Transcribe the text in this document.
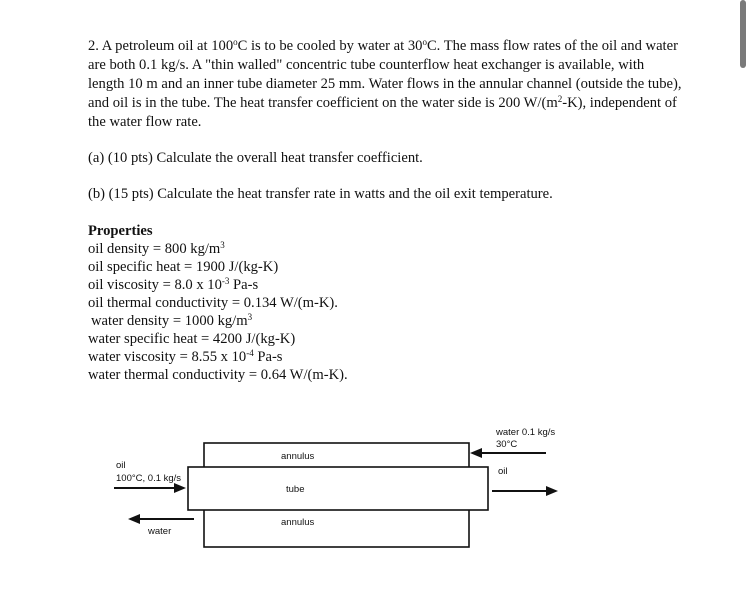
2. A petroleum oil at 100$^o$C is to be cooled by water at 30$^o$C. The mass flow rates of the oil and water are both 0.1 kg/s. A "thin walled" concentric tube counterflow heat exchanger is available, with length 10 m and an inner tube diameter 25 mm. Water flows in the annular channel (outside the tube), and oil is in the tube. The heat transfer coefficient on the water side is 200 $W/(m^2-K)$, independent of the water flow rate.

(a) (10 pts) Calculate the overall heat transfer coefficient.
(b) (15 pts) Calculate the heat transfer rate in watts and the oil exit temperature.
Properties
oil density = 800 $kg/m^3$
oil specific heat = 1900 J/(kg-K)
oil viscosity = 8.0 x $10^{-3}$ Pa-s
oil thermal conductivity = 0.134 W/(m-K).
water density = 1000 $kg/m^3$
water specific heat = 4200 J/(kg-K)
water viscosity = 8.55 x $10^{-4}$ Pa-s
water thermal conductivity = 0.64 W/(m-K).
water 0.1 kg/s
30°C
oil
oil
100°C, 0.1 kg/s
water
annulus
tube
annulus
